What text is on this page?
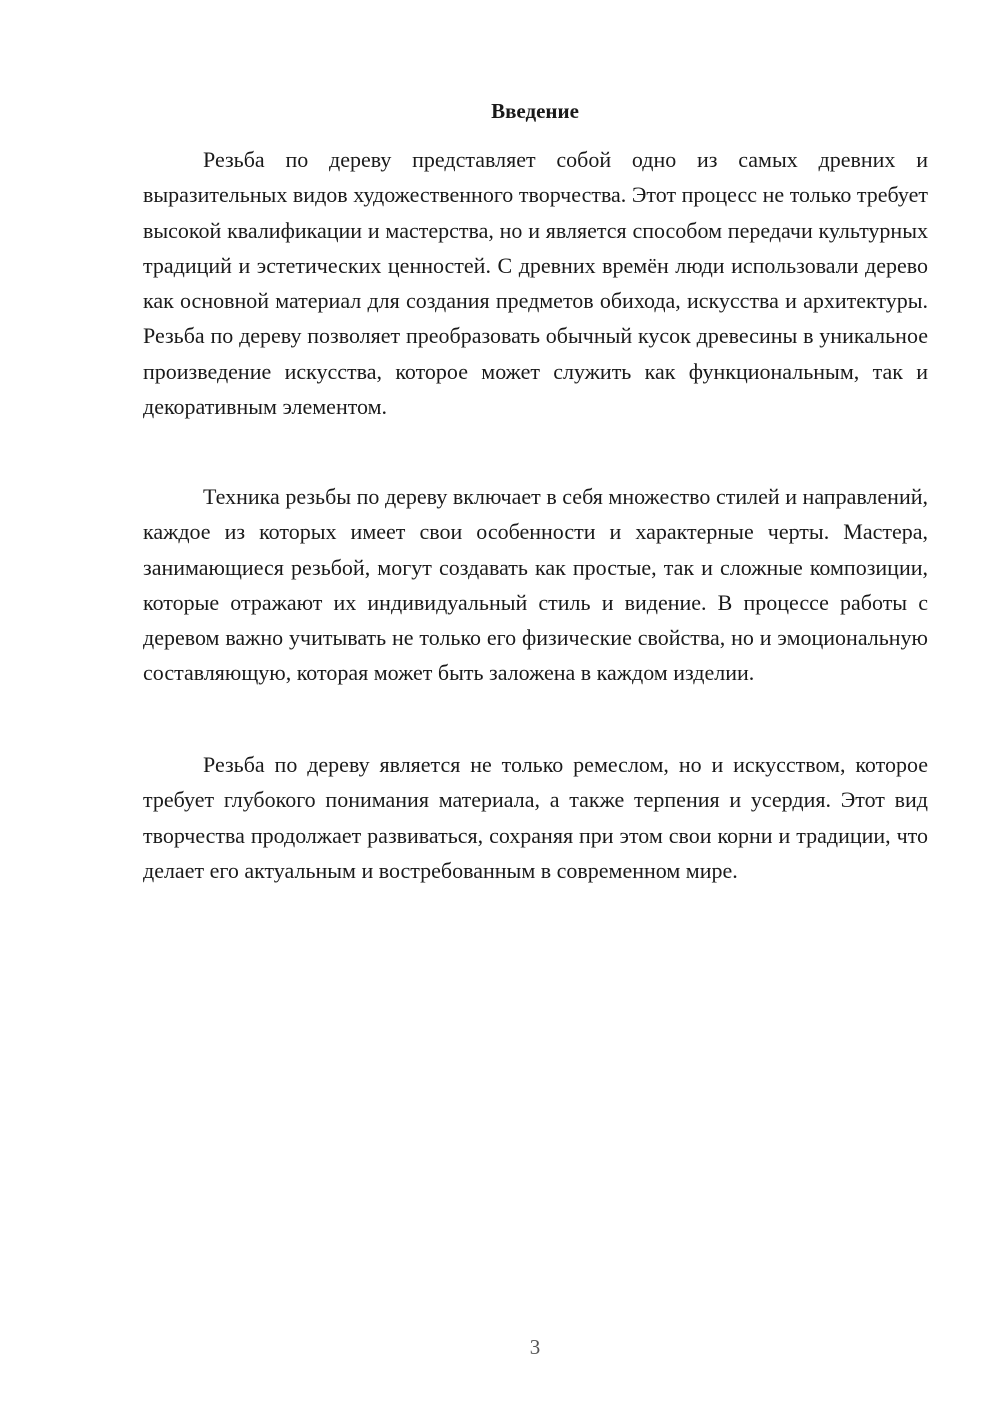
Введение

Резьба по дереву представляет собой одно из самых древних и выразительных видов художественного творчества. Этот процесс не только требует высокой квалификации и мастерства, но и является способом передачи культурных традиций и эстетических ценностей. С древних времён люди использовали дерево как основной материал для создания предметов обихода, искусства и архитектуры. Резьба по дереву позволяет преобразовать обычный кусок древесины в уникальное произведение искусства, которое может служить как функциональным, так и декоративным элементом.

Техника резьбы по дереву включает в себя множество стилей и направлений, каждое из которых имеет свои особенности и характерные черты. Мастера, занимающиеся резьбой, могут создавать как простые, так и сложные композиции, которые отражают их индивидуальный стиль и видение. В процессе работы с деревом важно учитывать не только его физические свойства, но и эмоциональную составляющую, которая может быть заложена в каждом изделии.

Резьба по дереву является не только ремеслом, но и искусством, которое требует глубокого понимания материала, а также терпения и усердия. Этот вид творчества продолжает развиваться, сохраняя при этом свои корни и традиции, что делает его актуальным и востребованным в современном мире.

3
